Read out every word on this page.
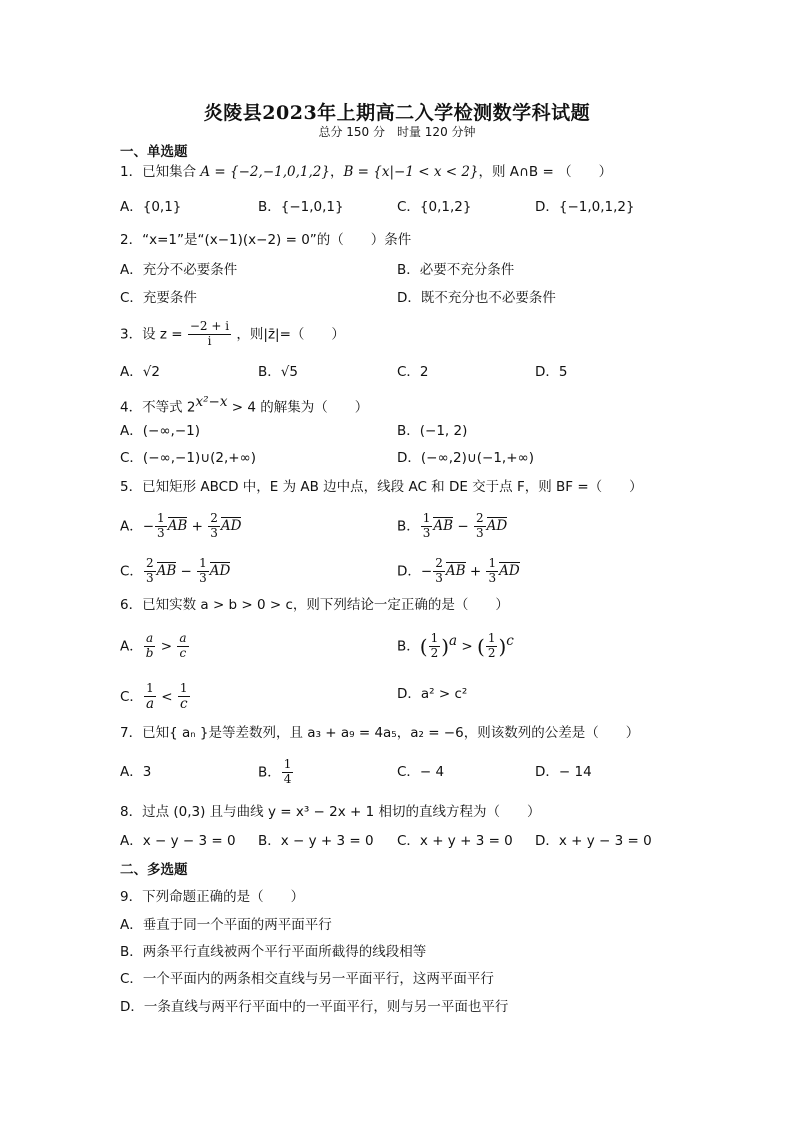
炎陵县2023年上期高二入学检测数学科试题
总分 150 分　时量 120 分钟
一、单选题
1．已知集合 A = {−2,−1,0,1,2}，B = {x|−1 < x < 2}，则 A∩B = （　　）
A．{0,1}	B．{−1,0,1}	C．{0,1,2}	D．{−1,0,1,2}
2．“x=1”是“(x−1)(x−2) = 0”的（　　）条件
A．充分不必要条件	B．必要不充分条件
C．充要条件	D．既不充分也不必要条件
3．设 $z = \frac{-2 + i}{i}$ ，则|z̄|=（　　）
A．√2	B．√5	C．2	D．5
4．不等式 $2^{x^2-x} > 4$ 的解集为（　　）
A．(−∞,−1)	B．(−1, 2)
C．(−∞,−1)∪(2,+∞)	D．(−∞,2)∪(−1,+∞)
5．已知矩形 ABCD 中，E 为 AB 边中点，线段 AC 和 DE 交于点 F，则 BF =（　　）
A．− $\frac{1}{3}$ AB + $\frac{2}{3}$ AD	B． $\frac{1}{3}$ AB − $\frac{2}{3}$ AD
C． $\frac{2}{3}$ AB − $\frac{1}{3}$ AD	D．− $\frac{2}{3}$ AB + $\frac{1}{3}$ AD
6．已知实数 a > b > 0 > c，则下列结论一定正确的是（　　）
A． $\frac{a}{b} > \frac{a}{c}$	B．( $\frac{1}{2} )^a$ > ( $\frac{1}{2} )^c$
C． $\frac{1}{a} < \frac{1}{c}$	D．a² > c²
7．已知{ aₙ }是等差数列，且 a₃ + a₉ = 4a₅，a₂ = −6，则该数列的公差是（　　）
A．3	B． $\frac{1}{4}$	C．− 4	D．− 14
8．过点 (0,3) 且与曲线 y = x³ − 2x + 1 相切的直线方程为（　　）
A．x − y − 3 = 0 B．x − y + 3 = 0 C．x + y + 3 = 0 D．x + y − 3 = 0
二、多选题
9．下列命题正确的是（　　）
A．垂直于同一个平面的两平面平行
B．两条平行直线被两个平行平面所截得的线段相等
C．一个平面内的两条相交直线与另一平面平行，这两平面平行
D．一条直线与两平行平面中的一平面平行，则与另一平面也平行
